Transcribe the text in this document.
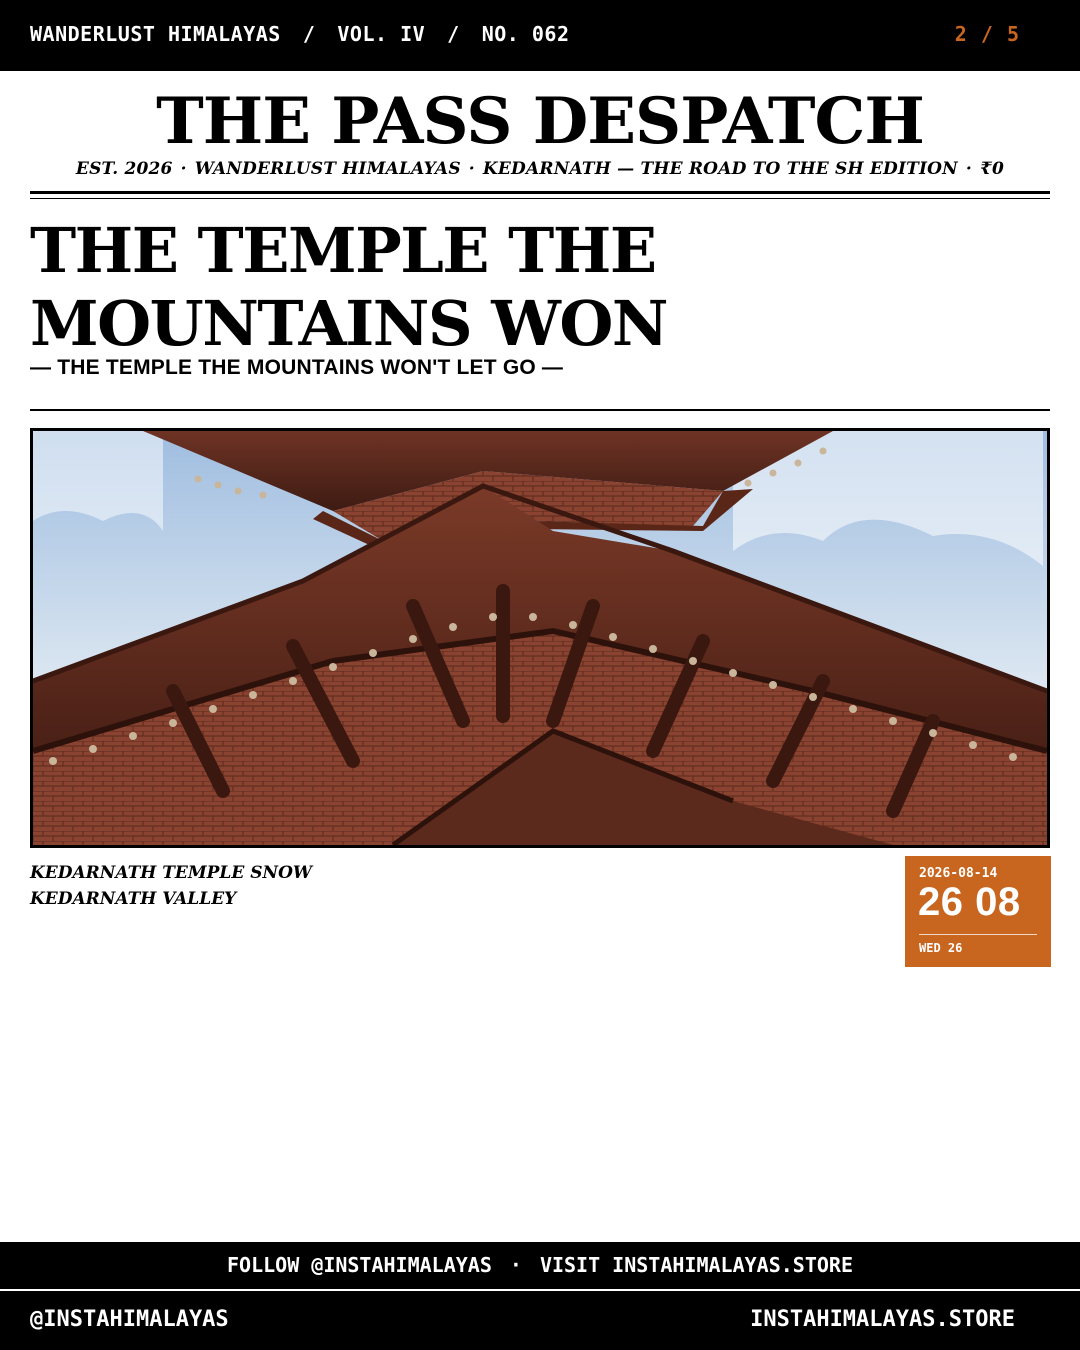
WANDERLUST HIMALAYAS / VOL. IV / NO. 062	2 / 5
THE PASS DESPATCH
EST. 2026 · WANDERLUST HIMALAYAS · KEDARNATH — THE ROAD TO THE SH EDITION · ₹0
THE TEMPLE THE
MOUNTAINS WON
— THE TEMPLE THE MOUNTAINS WON'T LET GO —
KEDARNATH TEMPLE SNOW
KEDARNATH VALLEY
2026-08-14
26 08
WED 26
FOLLOW @INSTAHIMALAYAS · VISIT INSTAHIMALAYAS.STORE
@INSTAHIMALAYAS	INSTAHIMALAYAS.STORE
